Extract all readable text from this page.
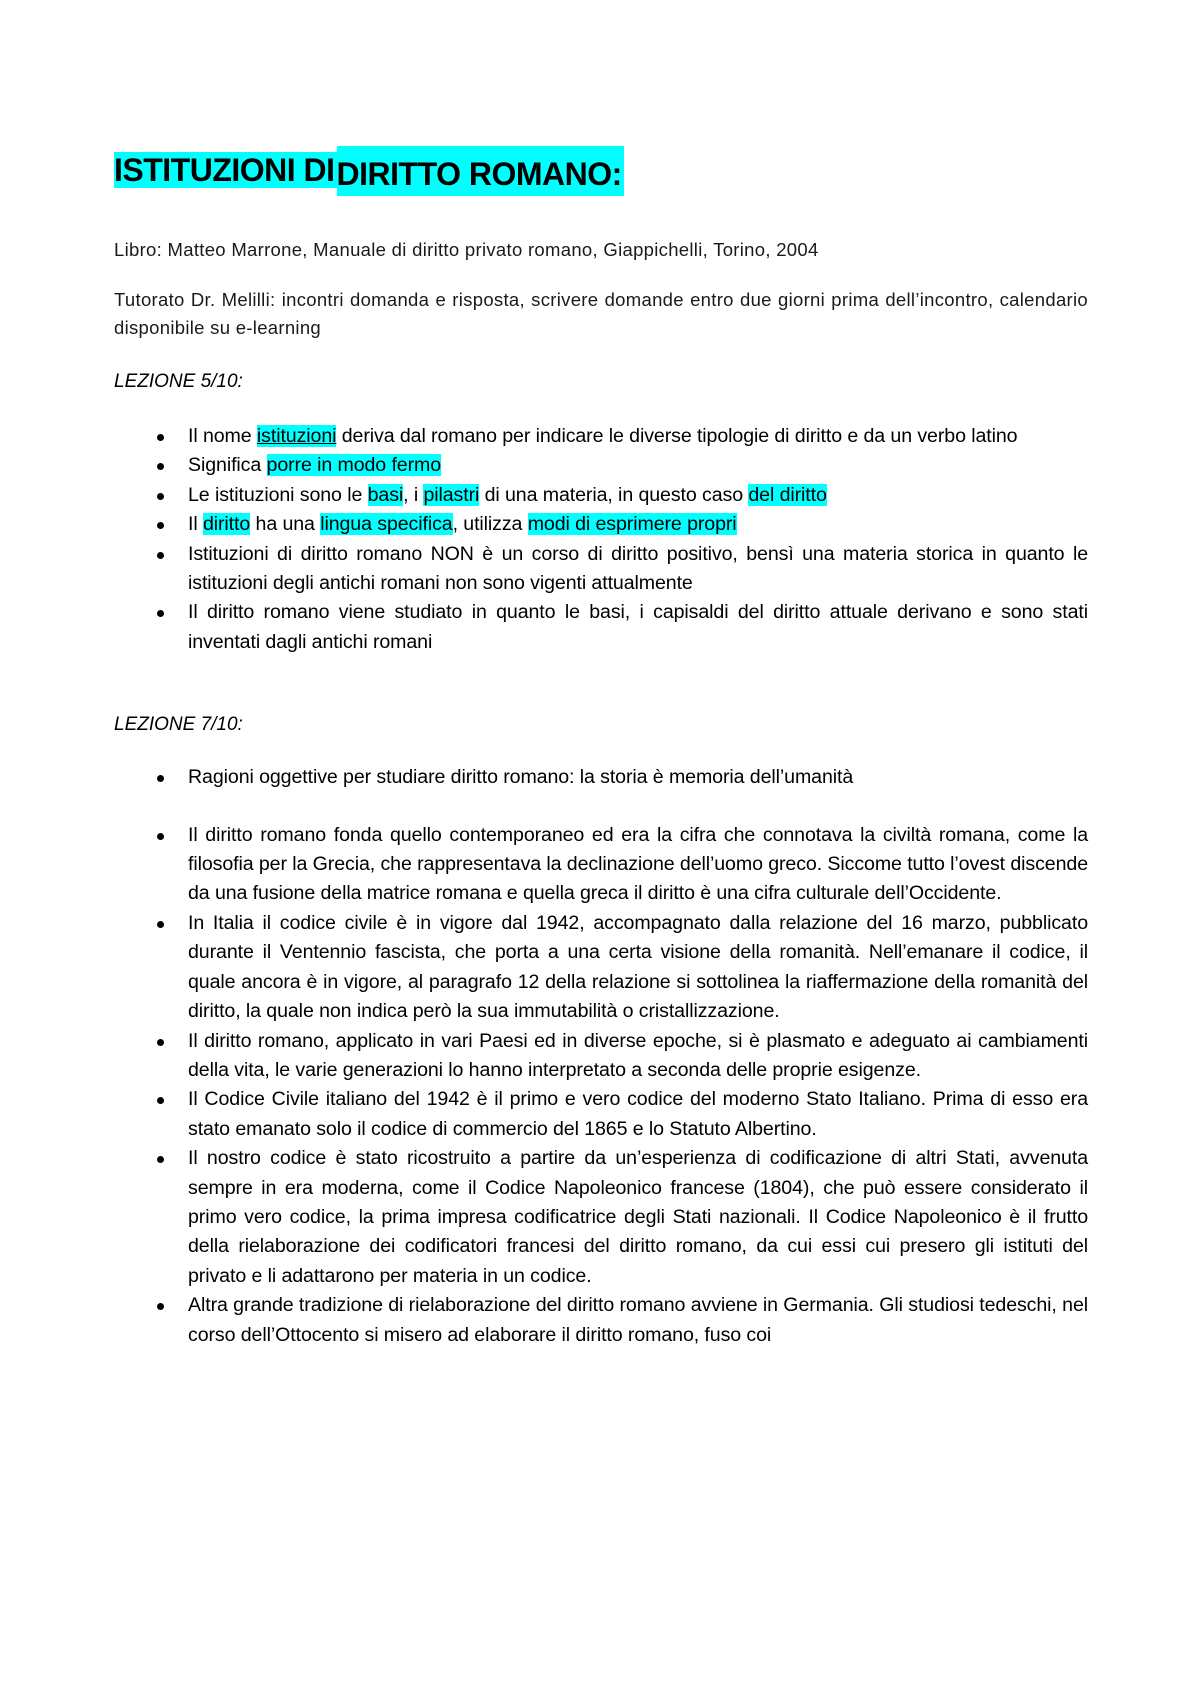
ISTITUZIONI DIDIRITTO ROMANO:

Libro: Matteo Marrone, Manuale di diritto privato romano, Giappichelli, Torino, 2004

Tutorato Dr. Melilli: incontri domanda e risposta, scrivere domande entro due giorni prima dell’incontro, calendario disponibile su e-learning

LEZIONE 5/10:

Il nome istituzioni deriva dal romano per indicare le diverse tipologie di diritto e da un verbo latino
Significa porre in modo fermo
Le istituzioni sono le basi, i pilastri di una materia, in questo caso del diritto
Il diritto ha una lingua specifica, utilizza modi di esprimere propri
Istituzioni di diritto romano NON è un corso di diritto positivo, bensì una materia storica in quanto le istituzioni degli antichi romani non sono vigenti attualmente
Il diritto romano viene studiato in quanto le basi, i capisaldi del diritto attuale derivano e sono stati inventati dagli antichi romani

LEZIONE 7/10:

Ragioni oggettive per studiare diritto romano: la storia è memoria dell’umanità
Il diritto romano fonda quello contemporaneo ed era la cifra che connotava la civiltà romana, come la filosofia per la Grecia, che rappresentava la declinazione dell’uomo greco. Siccome tutto l’ovest discende da una fusione della matrice romana e quella greca il diritto è una cifra culturale dell’Occidente.
In Italia il codice civile è in vigore dal 1942, accompagnato dalla relazione del 16 marzo, pubblicato durante il Ventennio fascista, che porta a una certa visione della romanità. Nell’emanare il codice, il quale ancora è in vigore, al paragrafo 12 della relazione si sottolinea la riaffermazione della romanità del diritto, la quale non indica però la sua immutabilità o cristallizzazione.
Il diritto romano, applicato in vari Paesi ed in diverse epoche, si è plasmato e adeguato ai cambiamenti della vita, le varie generazioni lo hanno interpretato a seconda delle proprie esigenze.
Il Codice Civile italiano del 1942 è il primo e vero codice del moderno Stato Italiano. Prima di esso era stato emanato solo il codice di commercio del 1865 e lo Statuto Albertino.
Il nostro codice è stato ricostruito a partire da un’esperienza di codificazione di altri Stati, avvenuta sempre in era moderna, come il Codice Napoleonico francese (1804), che può essere considerato il primo vero codice, la prima impresa codificatrice degli Stati nazionali. Il Codice Napoleonico è il frutto della rielaborazione dei codificatori francesi del diritto romano, da cui essi cui presero gli istituti del privato e li adattarono per materia in un codice.
Altra grande tradizione di rielaborazione del diritto romano avviene in Germania. Gli studiosi tedeschi, nel corso dell’Ottocento si misero ad elaborare il diritto romano, fuso coi
